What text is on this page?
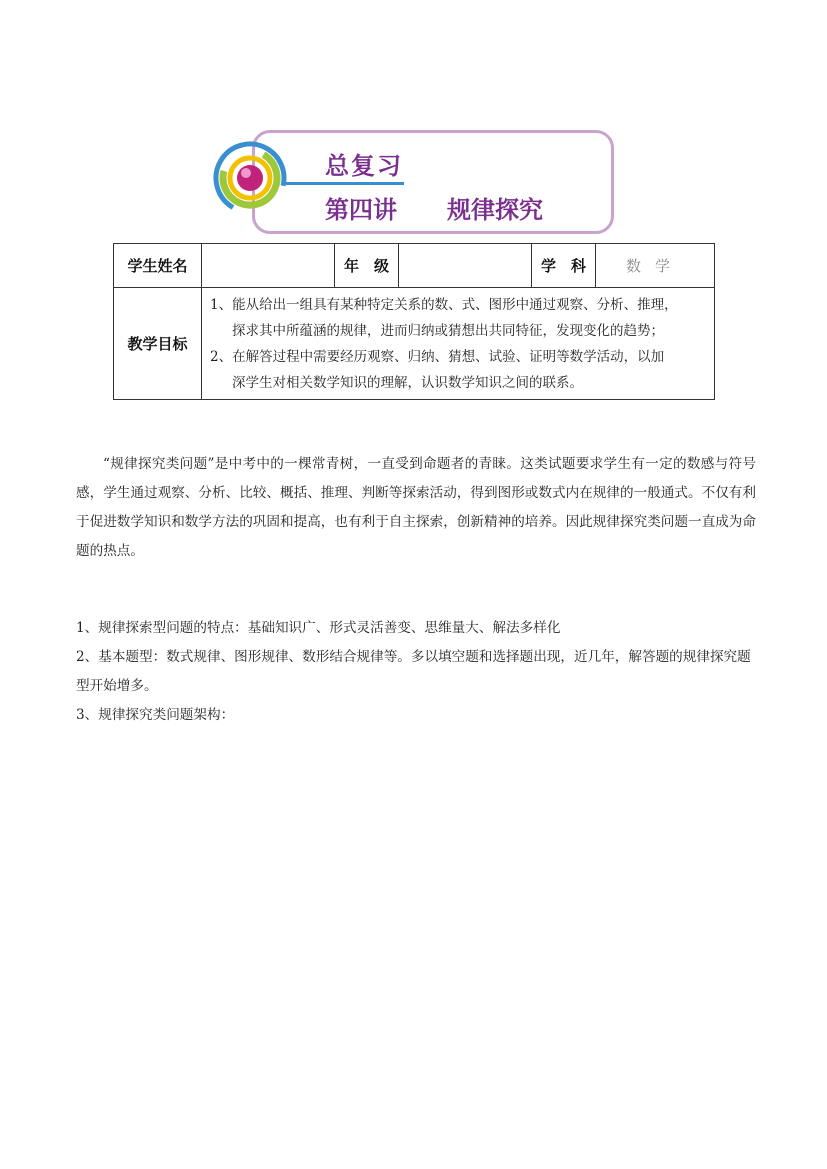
总复习
第四讲 规律探究
学生姓名		年　级		学　科	数学
教学目标	1、能从给出一组具有某种特定关系的数、式、图形中通过观察、分析、推理，

探求其中所蕴涵的规律，进而归纳或猜想出共同特征，发现变化的趋势；

2、在解答过程中需要经历观察、归纳、猜想、试验、证明等数学活动，以加

深学生对相关数学知识的理解，认识数学知识之间的联系。				

“规律探究类问题”是中考中的一棵常青树，一直受到命题者的青睐。这类试题要求学生有一定的数感与符号感，学生通过观察、分析、比较、概括、推理、判断等探索活动，得到图形或数式内在规律的一般通式。不仅有利于促进数学知识和数学方法的巩固和提高，也有利于自主探索，创新精神的培养。因此规律探究类问题一直成为命题的热点。

1、规律探索型问题的特点：基础知识广、形式灵活善变、思维量大、解法多样化

2、基本题型：数式规律、图形规律、数形结合规律等。多以填空题和选择题出现，近几年，解答题的规律探究题型开始增多。

3、规律探究类问题架构：
